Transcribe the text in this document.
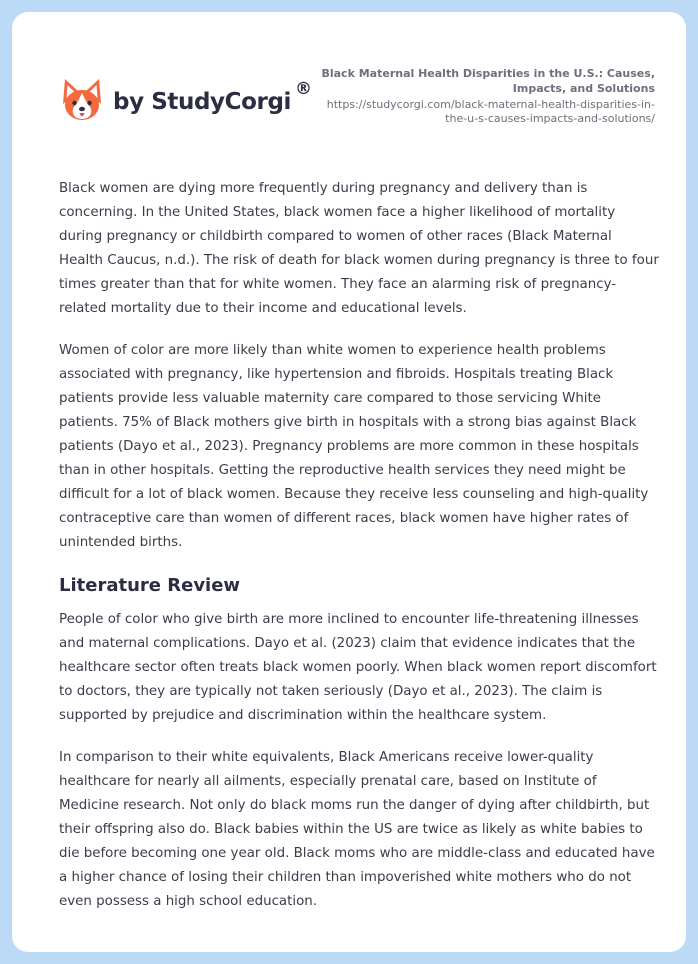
by StudyCorgi ®
Black Maternal Health Disparities in the U.S.: Causes, Impacts, and Solutions
https://studycorgi.com/black-maternal-health-disparities-in-the-u-s-causes-impacts-and-solutions/

Black women are dying more frequently during pregnancy and delivery than is concerning. In the United States, black women face a higher likelihood of mortality during pregnancy or childbirth compared to women of other races (Black Maternal Health Caucus, n.d.). The risk of death for black women during pregnancy is three to four times greater than that for white women. They face an alarming risk of pregnancy-related mortality due to their income and educational levels.

Women of color are more likely than white women to experience health problems associated with pregnancy, like hypertension and fibroids. Hospitals treating Black patients provide less valuable maternity care compared to those servicing White patients. 75% of Black mothers give birth in hospitals with a strong bias against Black patients (Dayo et al., 2023). Pregnancy problems are more common in these hospitals than in other hospitals. Getting the reproductive health services they need might be difficult for a lot of black women. Because they receive less counseling and high-quality contraceptive care than women of different races, black women have higher rates of unintended births.

Literature Review

People of color who give birth are more inclined to encounter life-threatening illnesses and maternal complications. Dayo et al. (2023) claim that evidence indicates that the healthcare sector often treats black women poorly. When black women report discomfort to doctors, they are typically not taken seriously (Dayo et al., 2023). The claim is supported by prejudice and discrimination within the healthcare system.

In comparison to their white equivalents, Black Americans receive lower-quality healthcare for nearly all ailments, especially prenatal care, based on Institute of Medicine research. Not only do black moms run the danger of dying after childbirth, but their offspring also do. Black babies within the US are twice as likely as white babies to die before becoming one year old. Black moms who are middle-class and educated have a higher chance of losing their children than impoverished white mothers who do not even possess a high school education.
